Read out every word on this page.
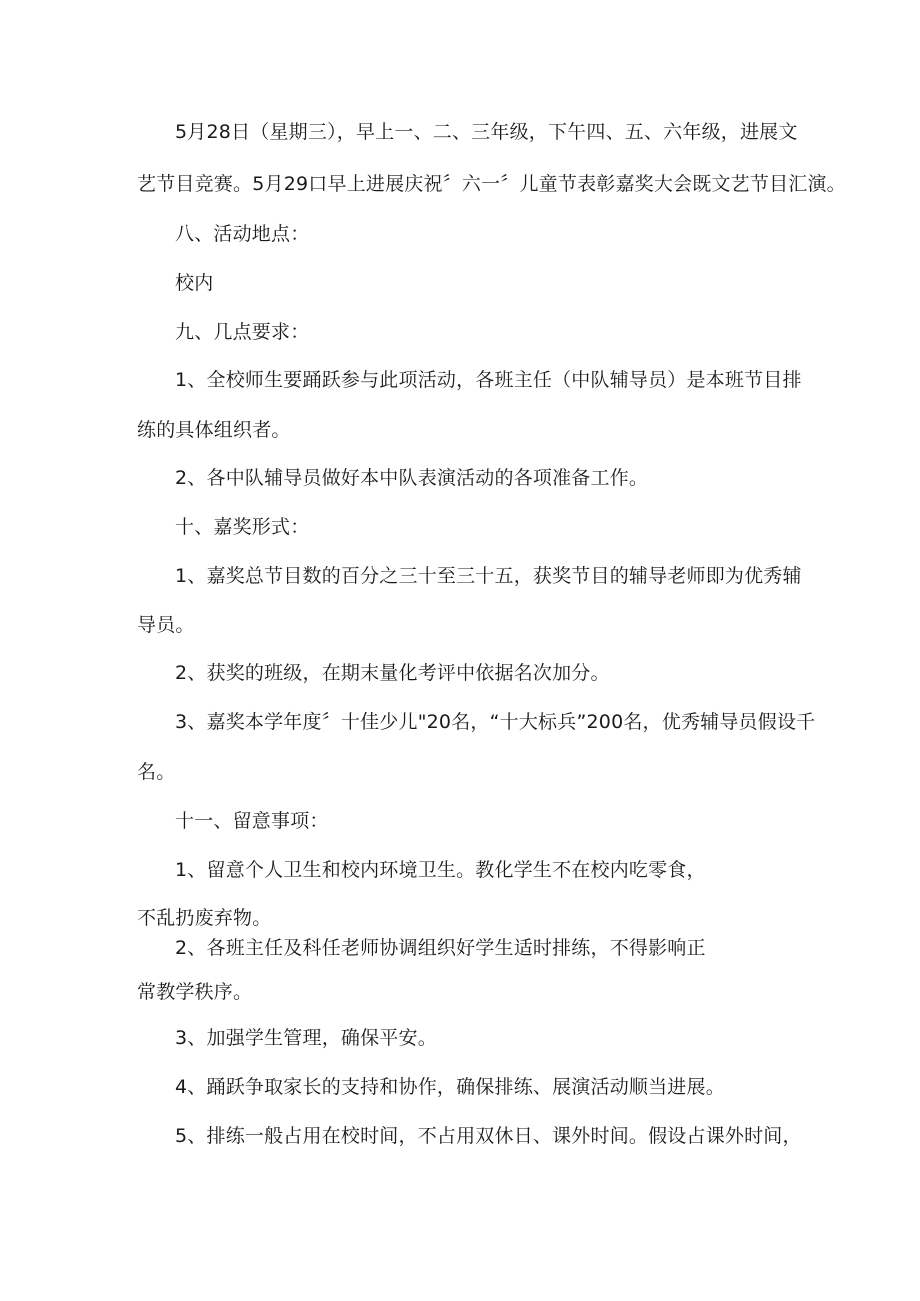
5月28日（星期三），早上一、二、三年级，下午四、五、六年级，进展文
艺节目竞赛。5月29口早上进展庆祝〞六一〞儿童节表彰嘉奖大会既文艺节目汇演。
八、活动地点：
校内
九、几点要求：
1、全校师生要踊跃参与此项活动，各班主任（中队辅导员）是本班节目排
练的具体组织者。
2、各中队辅导员做好本中队表演活动的各项准备工作。
十、嘉奖形式：
1、嘉奖总节目数的百分之三十至三十五，获奖节目的辅导老师即为优秀辅
导员。
2、获奖的班级，在期末量化考评中依据名次加分。
3、嘉奖本学年度〞十佳少儿"20名，“十大标兵”200名，优秀辅导员假设千
名。
十一、留意事项：
1、留意个人卫生和校内环境卫生。教化学生不在校内吃零食，
不乱扔废弃物。
2、各班主任及科任老师协调组织好学生适时排练，不得影响正
常教学秩序。
3、加强学生管理，确保平安。
4、踊跃争取家长的支持和协作，确保排练、展演活动顺当进展。
5、排练一般占用在校时间，不占用双休日、课外时间。假设占课外时间，
